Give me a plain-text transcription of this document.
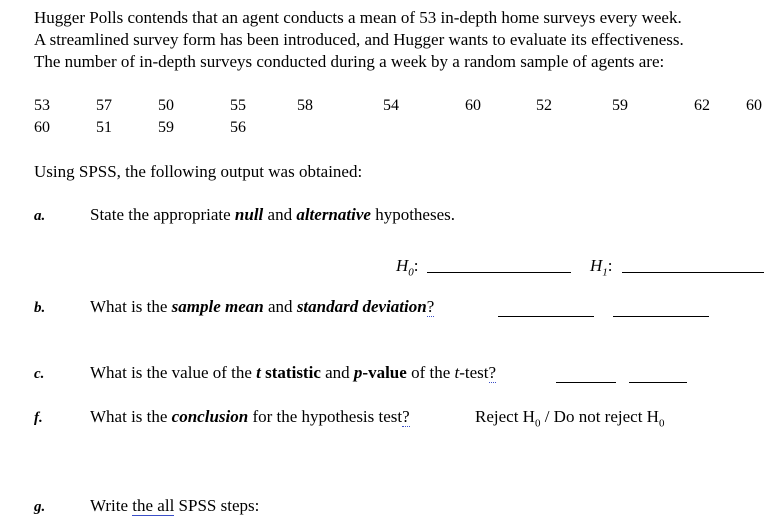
Hugger Polls contends that an agent conducts a mean of 53 in-depth home surveys every week.
A streamlined survey form has been introduced, and Hugger wants to evaluate its effectiveness.
The number of in-depth surveys conducted during a week by a random sample of agents are:
53	57	50	55	58	54	60	52	59	62 60
60	51	59	56
Using SPSS, the following output was obtained:
a.	State the appropriate null and alternative hypotheses.
$H_0$:	$H_1$:
b.	What is the sample mean and standard deviation?
c.	What is the value of the t statistic and p-value of the t-test?
f.	What is the conclusion for the hypothesis test?	Reject $H_0$ / Do not reject $H_0$
g.	Write the all SPSS steps:
